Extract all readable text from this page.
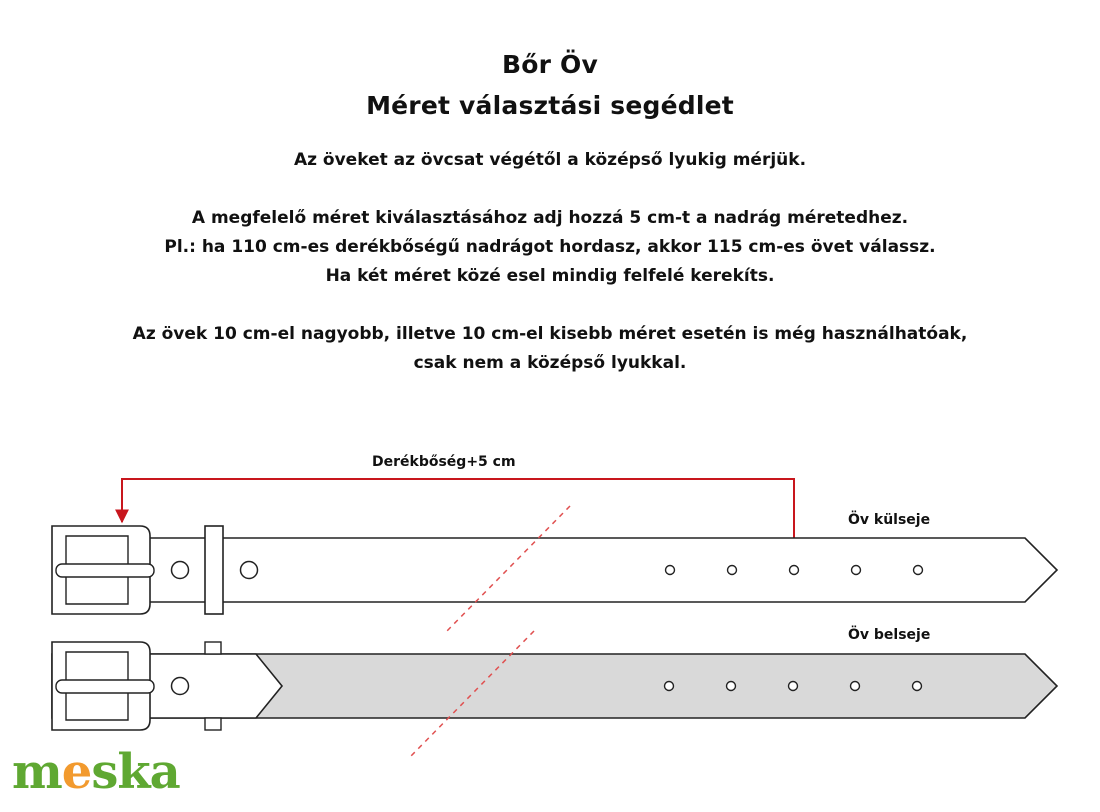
Bőr Öv
Méret választási segédlet
Az öveket az övcsat végétől a középső lyukig mérjük.
A megfelelő méret kiválasztásához adj hozzá 5 cm-t a nadrág méretedhez.
Pl.: ha 110 cm-es derékbőségű nadrágot hordasz, akkor 115 cm-es övet válassz.
Ha két méret közé esel mindig felfelé kerekíts.
Az övek 10 cm-el nagyobb, illetve 10 cm-el kisebb méret esetén is még használhatóak,
csak nem a középső lyukkal.
Derékbőség+5 cm
Öv külseje
Öv belseje
meska
